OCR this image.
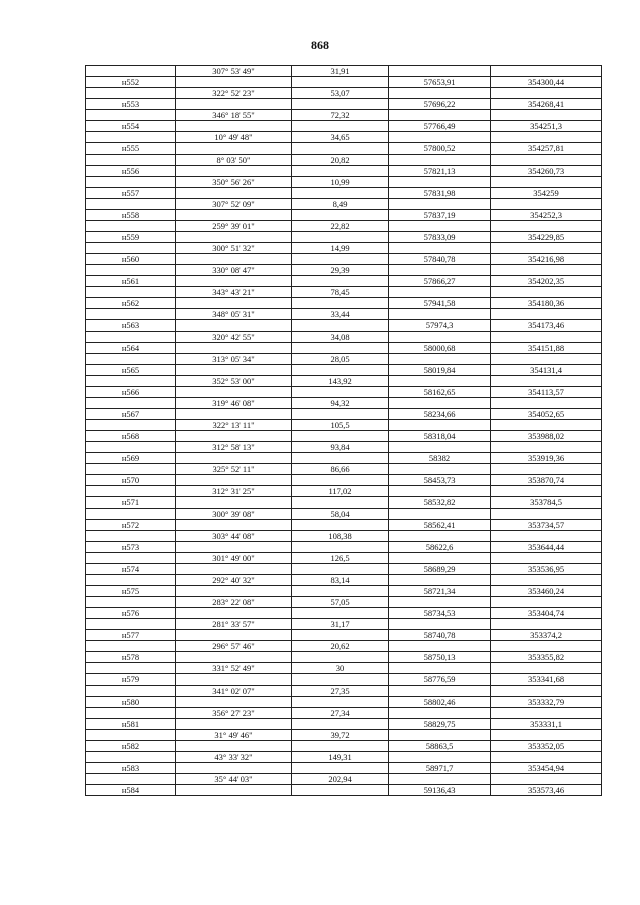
868
	307° 53' 49"	31,91		
н552			57653,91	354300,44
	322° 52' 23"	53,07		
н553			57696,22	354268,41
	346° 18' 55"	72,32		
н554			57766,49	354251,3
	10° 49' 48"	34,65		
н555			57800,52	354257,81
	8° 03' 50"	20,82		
н556			57821,13	354260,73
	350° 56' 26"	10,99		
н557			57831,98	354259
	307° 52' 09"	8,49		
н558			57837,19	354252,3
	259° 39' 01"	22,82		
н559			57833,09	354229,85
	300° 51' 32"	14,99		
н560			57840,78	354216,98
	330° 08' 47"	29,39		
н561			57866,27	354202,35
	343° 43' 21"	78,45		
н562			57941,58	354180,36
	348° 05' 31"	33,44		
н563			57974,3	354173,46
	320° 42' 55"	34,08		
н564			58000,68	354151,88
	313° 05' 34"	28,05		
н565			58019,84	354131,4
	352° 53' 00"	143,92		
н566			58162,65	354113,57
	319° 46' 08"	94,32		
н567			58234,66	354052,65
	322° 13' 11"	105,5		
н568			58318,04	353988,02
	312° 58' 13"	93,84		
н569			58382	353919,36
	325° 52' 11"	86,66		
н570			58453,73	353870,74
	312° 31' 25"	117,02		
н571			58532,82	353784,5
	300° 39' 08"	58,04		
н572			58562,41	353734,57
	303° 44' 08"	108,38		
н573			58622,6	353644,44
	301° 49' 00"	126,5		
н574			58689,29	353536,95
	292° 40' 32"	83,14		
н575			58721,34	353460,24
	283° 22' 08"	57,05		
н576			58734,53	353404,74
	281° 33' 57"	31,17		
н577			58740,78	353374,2
	296° 57' 46"	20,62		
н578			58750,13	353355,82
	331° 52' 49"	30		
н579			58776,59	353341,68
	341° 02' 07"	27,35		
н580			58802,46	353332,79
	356° 27' 23"	27,34		
н581			58829,75	353331,1
	31° 49' 46"	39,72		
н582			58863,5	353352,05
	43° 33' 32"	149,31		
н583			58971,7	353454,94
	35° 44' 03"	202,94		
н584			59136,43	353573,46
